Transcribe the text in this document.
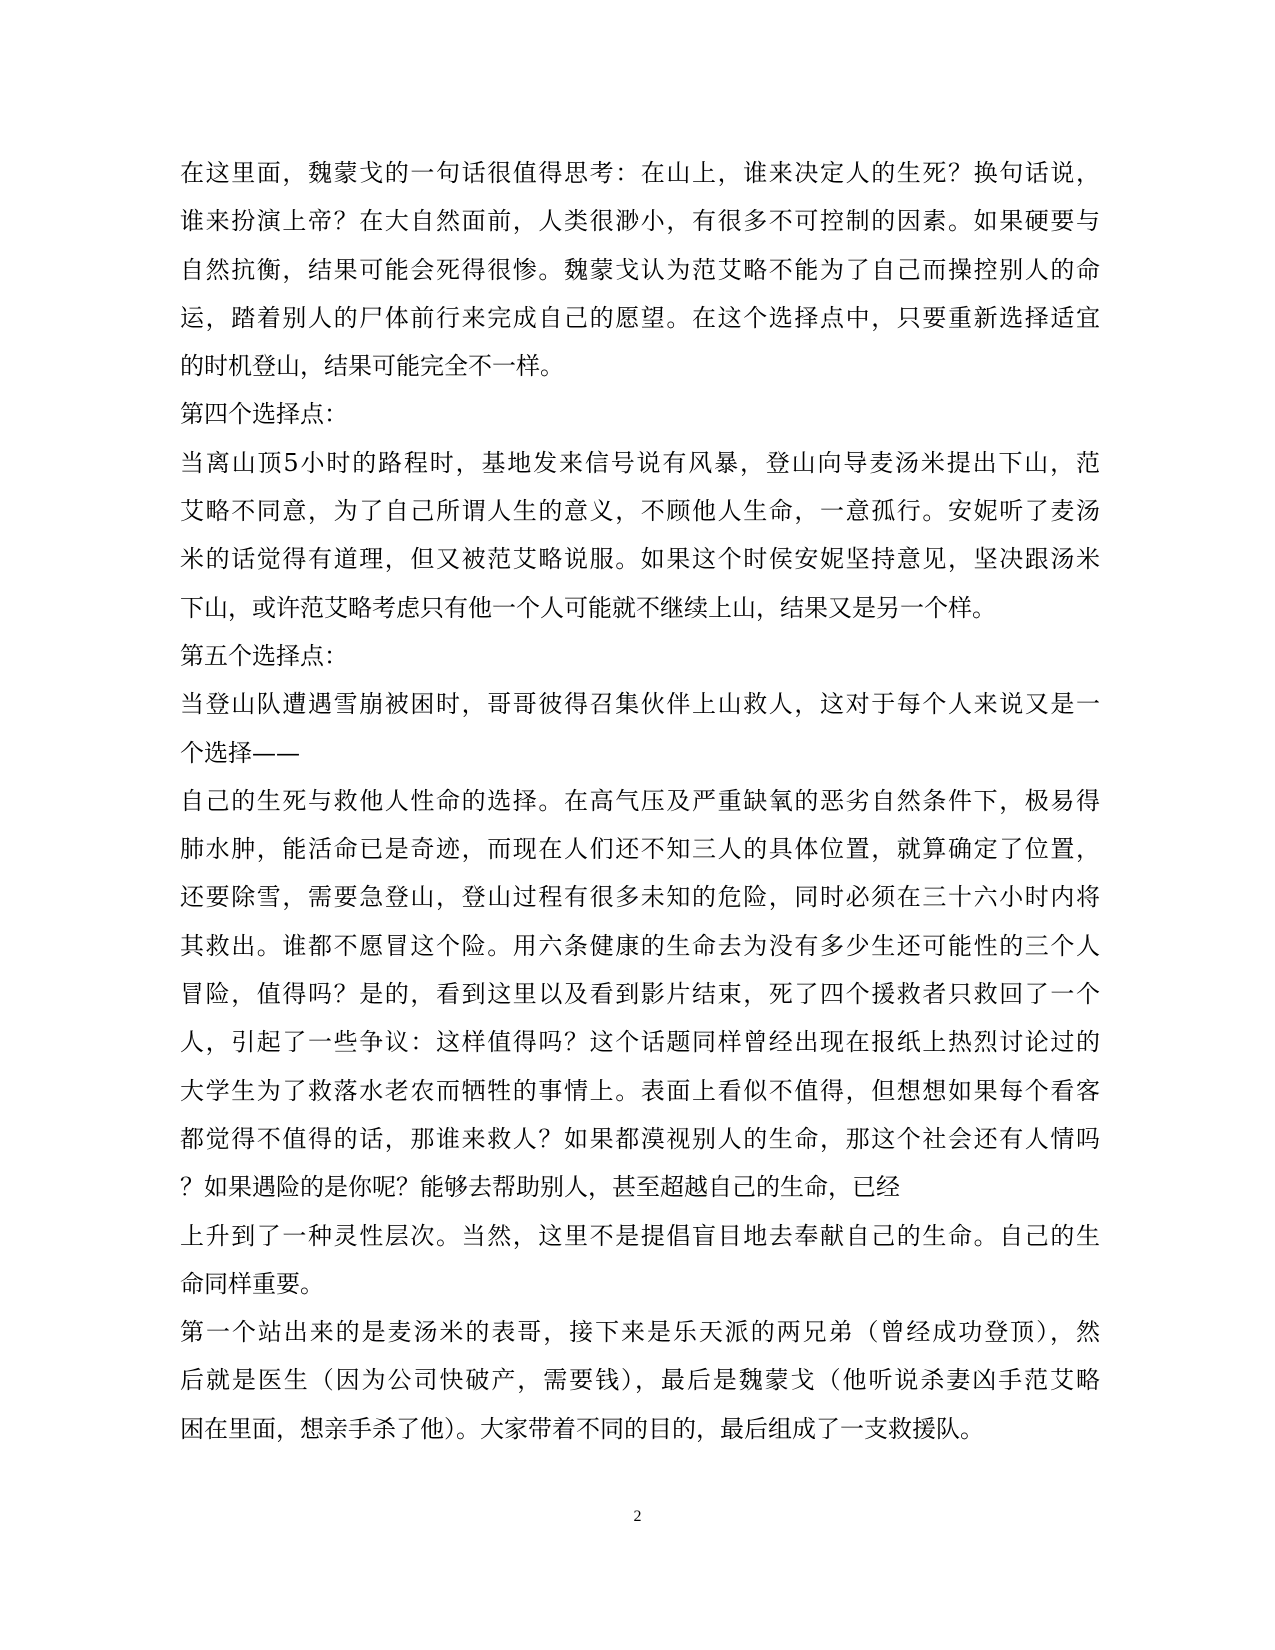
在这里面，魏蒙戈的一句话很值得思考：在山上，谁来决定人的生死？换句话说，
谁来扮演上帝？在大自然面前，人类很渺小，有很多不可控制的因素。如果硬要与
自然抗衡，结果可能会死得很惨。魏蒙戈认为范艾略不能为了自己而操控别人的命
运，踏着别人的尸体前行来完成自己的愿望。在这个选择点中，只要重新选择适宜
的时机登山，结果可能完全不一样。
第四个选择点：
当离山顶5小时的路程时，基地发来信号说有风暴，登山向导麦汤米提出下山，范
艾略不同意，为了自己所谓人生的意义，不顾他人生命，一意孤行。安妮听了麦汤
米的话觉得有道理，但又被范艾略说服。如果这个时侯安妮坚持意见，坚决跟汤米
下山，或许范艾略考虑只有他一个人可能就不继续上山，结果又是另一个样。
第五个选择点：
当登山队遭遇雪崩被困时，哥哥彼得召集伙伴上山救人，这对于每个人来说又是一
个选择——
自己的生死与救他人性命的选择。在高气压及严重缺氧的恶劣自然条件下，极易得
肺水肿，能活命已是奇迹，而现在人们还不知三人的具体位置，就算确定了位置，
还要除雪，需要急登山，登山过程有很多未知的危险，同时必须在三十六小时内将
其救出。谁都不愿冒这个险。用六条健康的生命去为没有多少生还可能性的三个人
冒险，值得吗？是的，看到这里以及看到影片结束，死了四个援救者只救回了一个
人，引起了一些争议：这样值得吗？这个话题同样曾经出现在报纸上热烈讨论过的
大学生为了救落水老农而牺牲的事情上。表面上看似不值得，但想想如果每个看客
都觉得不值得的话，那谁来救人？如果都漠视别人的生命，那这个社会还有人情吗
？如果遇险的是你呢？能够去帮助别人，甚至超越自己的生命，已经
上升到了一种灵性层次。当然，这里不是提倡盲目地去奉献自己的生命。自己的生
命同样重要。
第一个站出来的是麦汤米的表哥，接下来是乐天派的两兄弟（曾经成功登顶），然
后就是医生（因为公司快破产，需要钱），最后是魏蒙戈（他听说杀妻凶手范艾略
困在里面，想亲手杀了他）。大家带着不同的目的，最后组成了一支救援队。
2
